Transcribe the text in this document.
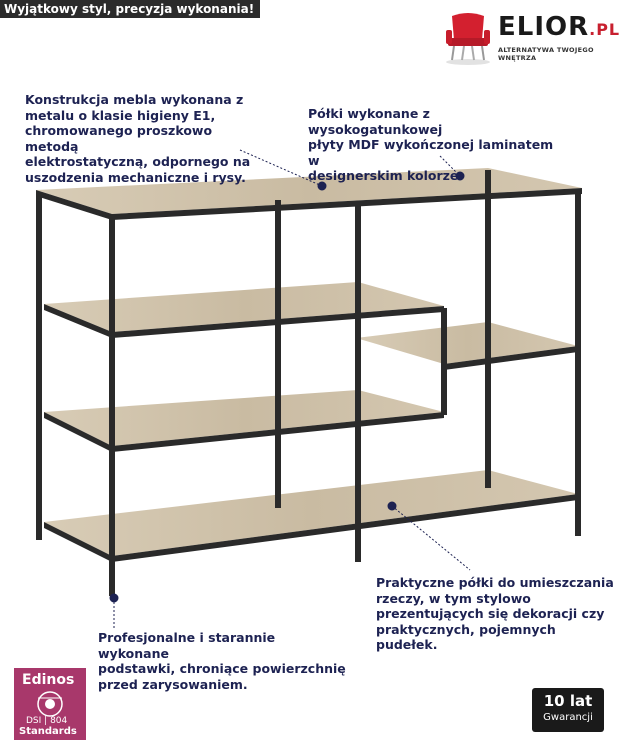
Wyjątkowy styl, precyzja wykonania!
ELIOR.PL
ALTERNATYWA TWOJEGO WNĘTRZA
Konstrukcja mebla wykonana z
metalu o klasie higieny E1,
chromowanego proszkowo metodą
elektrostatyczną, odpornego na
uszodzenia mechaniczne i rysy.
Półki wykonane z wysokogatunkowej
płyty MDF wykończonej laminatem w
designerskim kolorze.
Praktyczne półki do umieszczania
rzeczy, w tym stylowo
prezentujących się dekoracji czy
praktycznych, pojemnych pudełek.
Profesjonalne i starannie wykonane
podstawki, chroniące powierzchnię
przed zarysowaniem.
Edinos
DSI | 804
Standards
10 lat
Gwarancji
